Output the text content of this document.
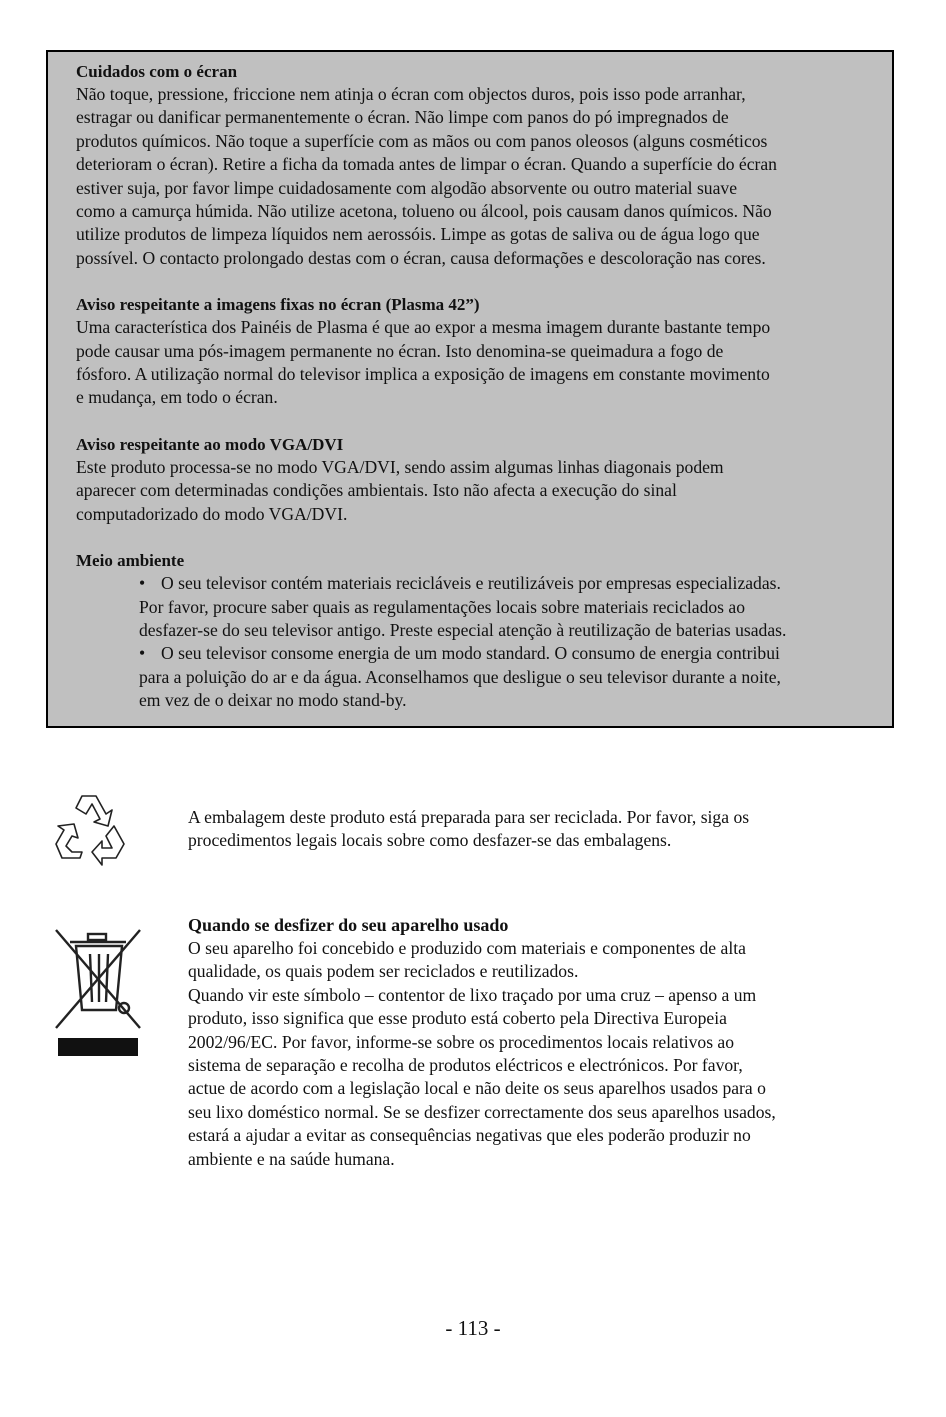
Cuidados com o écran
Não toque, pressione, friccione nem atinja o écran com objectos duros, pois isso pode arranhar,
estragar ou danificar permanentemente o écran. Não limpe com panos do pó impregnados de
produtos químicos. Não toque a superfície com as mãos ou com panos oleosos (alguns cosméticos
deterioram o écran). Retire a ficha da tomada antes de limpar o écran. Quando a superfície do écran
estiver suja, por favor limpe cuidadosamente com algodão absorvente ou outro material suave
como a camurça húmida. Não utilize acetona, tolueno ou álcool, pois causam danos químicos. Não
utilize produtos de limpeza líquidos nem aerossóis. Limpe as gotas de saliva ou de água logo que
possível. O contacto prolongado destas com o écran, causa deformações e descoloração nas cores.
Aviso respeitante a imagens fixas no écran (Plasma 42”)
Uma característica dos Painéis de Plasma é que ao expor a mesma imagem durante bastante tempo
pode causar uma pós-imagem permanente no écran. Isto denomina-se queimadura a fogo de
fósforo. A utilização normal do televisor implica a exposição de imagens em constante movimento
e mudança, em todo o écran.
Aviso respeitante ao modo VGA/DVI
Este produto processa-se no modo VGA/DVI, sendo assim algumas linhas diagonais podem
aparecer com determinadas condições ambientais. Isto não afecta a execução do sinal
computadorizado do modo VGA/DVI.
Meio ambiente
• O seu televisor contém materiais recicláveis e reutilizáveis por empresas especializadas.
Por favor, procure saber quais as regulamentações locais sobre materiais reciclados ao
desfazer-se do seu televisor antigo. Preste especial atenção à reutilização de baterias usadas.
• O seu televisor consome energia de um modo standard. O consumo de energia contribui
para a poluição do ar e da água. Aconselhamos que desligue o seu televisor durante a noite,
em vez de o deixar no modo stand-by.
A embalagem deste produto está preparada para ser reciclada. Por favor, siga os
procedimentos legais locais sobre como desfazer-se das embalagens.
Quando se desfizer do seu aparelho usado
O seu aparelho foi concebido e produzido com materiais e componentes de alta
qualidade, os quais podem ser reciclados e reutilizados.
Quando vir este símbolo – contentor de lixo traçado por uma cruz – apenso a um
produto, isso significa que esse produto está coberto pela Directiva Europeia
2002/96/EC. Por favor, informe-se sobre os procedimentos locais relativos ao
sistema de separação e recolha de produtos eléctricos e electrónicos. Por favor,
actue de acordo com a legislação local e não deite os seus aparelhos usados para o
seu lixo doméstico normal. Se se desfizer correctamente dos seus aparelhos usados,
estará a ajudar a evitar as consequências negativas que eles poderão produzir no
ambiente e na saúde humana.
- 113 -
